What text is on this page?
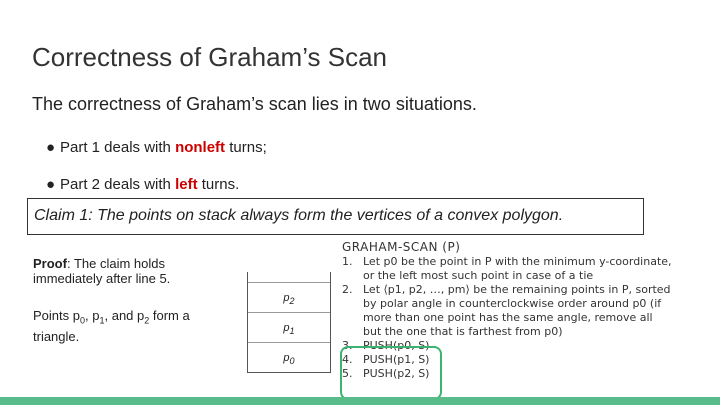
Correctness of Graham’s Scan
The correctness of Graham’s scan lies in two situations.
● Part 1 deals with nonleft turns;
● Part 2 deals with left turns.
Claim 1: The points on stack always form the vertices of a convex polygon.
Proof: The claim holds immediately after line 5.
Points $p_0$, $p_1$, and $p_2$ form a triangle.
$p_2$
$p_1$
$p_0$
GRAHAM-SCAN (P)
1. Let p0 be the point in P with the minimum y-coordinate, or the left most such point in case of a tie
2. Let ⟨p1, p2, …, pm⟩ be the remaining points in P, sorted by polar angle in counterclockwise order around p0 (if more than one point has the same angle, remove all but the one that is farthest from p0)
3. PUSH(p0, S)
4. PUSH(p1, S)
5. PUSH(p2, S)
